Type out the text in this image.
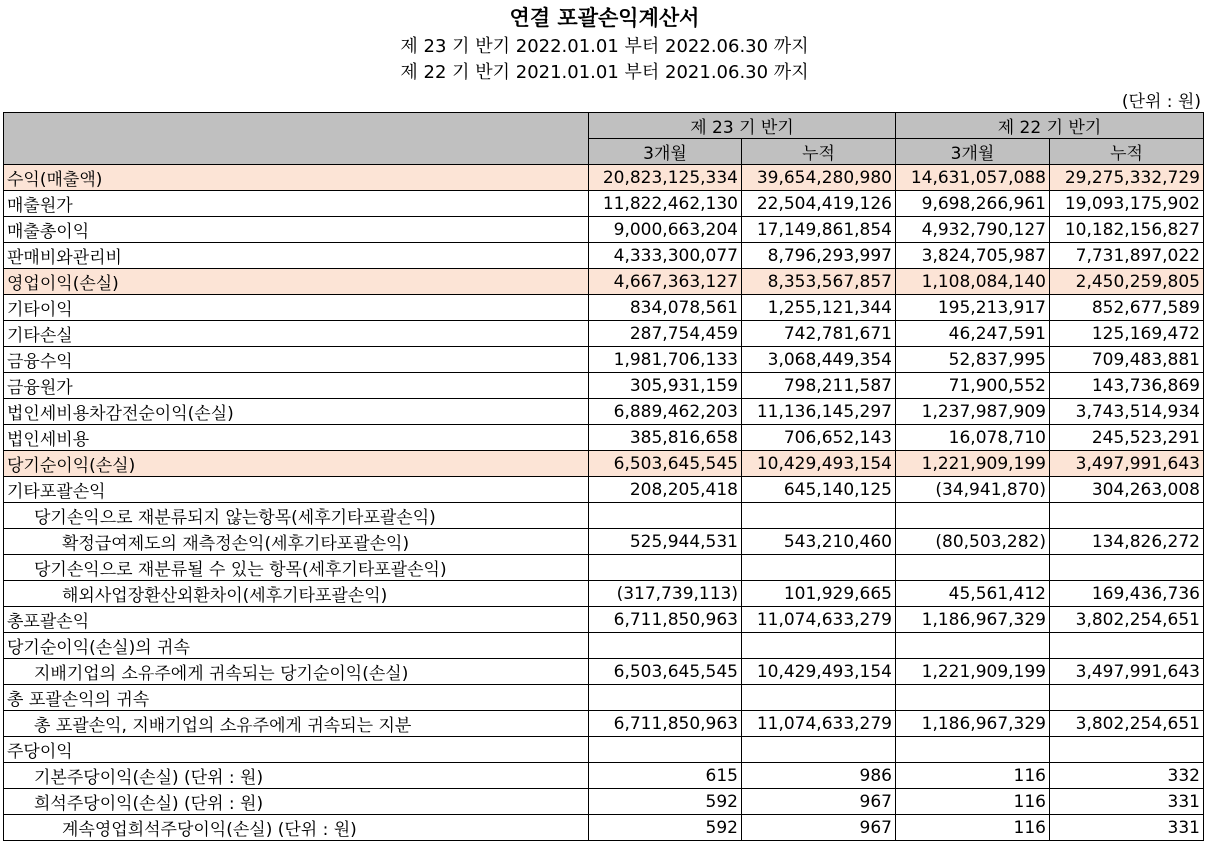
연결 포괄손익계산서
제 23 기 반기 2022.01.01 부터 2022.06.30 까지
제 22 기 반기 2021.01.01 부터 2021.06.30 까지
(단위 : 원)
	제 23 기 반기		제 22 기 반기	
	3개월	누적	3개월	누적
수익(매출액)	20,823,125,334	39,654,280,980	14,631,057,088	29,275,332,729
매출원가	11,822,462,130	22,504,419,126	9,698,266,961	19,093,175,902
매출총이익	9,000,663,204	17,149,861,854	4,932,790,127	10,182,156,827
판매비와관리비	4,333,300,077	8,796,293,997	3,824,705,987	7,731,897,022
영업이익(손실)	4,667,363,127	8,353,567,857	1,108,084,140	2,450,259,805
기타이익	834,078,561	1,255,121,344	195,213,917	852,677,589
기타손실	287,754,459	742,781,671	46,247,591	125,169,472
금융수익	1,981,706,133	3,068,449,354	52,837,995	709,483,881
금융원가	305,931,159	798,211,587	71,900,552	143,736,869
법인세비용차감전순이익(손실)	6,889,462,203	11,136,145,297	1,237,987,909	3,743,514,934
법인세비용	385,816,658	706,652,143	16,078,710	245,523,291
당기순이익(손실)	6,503,645,545	10,429,493,154	1,221,909,199	3,497,991,643
기타포괄손익	208,205,418	645,140,125	(34,941,870)	304,263,008
당기손익으로 재분류되지 않는항목(세후기타포괄손익)				
확정급여제도의 재측정손익(세후기타포괄손익)	525,944,531	543,210,460	(80,503,282)	134,826,272
당기손익으로 재분류될 수 있는 항목(세후기타포괄손익)				
해외사업장환산외환차이(세후기타포괄손익)	(317,739,113)	101,929,665	45,561,412	169,436,736
총포괄손익	6,711,850,963	11,074,633,279	1,186,967,329	3,802,254,651
당기순이익(손실)의 귀속				
지배기업의 소유주에게 귀속되는 당기순이익(손실)	6,503,645,545	10,429,493,154	1,221,909,199	3,497,991,643
총 포괄손익의 귀속				
총 포괄손익, 지배기업의 소유주에게 귀속되는 지분	6,711,850,963	11,074,633,279	1,186,967,329	3,802,254,651
주당이익				
기본주당이익(손실) (단위 : 원)	615	986	116	332
희석주당이익(손실) (단위 : 원)	592	967	116	331
계속영업희석주당이익(손실) (단위 : 원)	592	967	116	331
